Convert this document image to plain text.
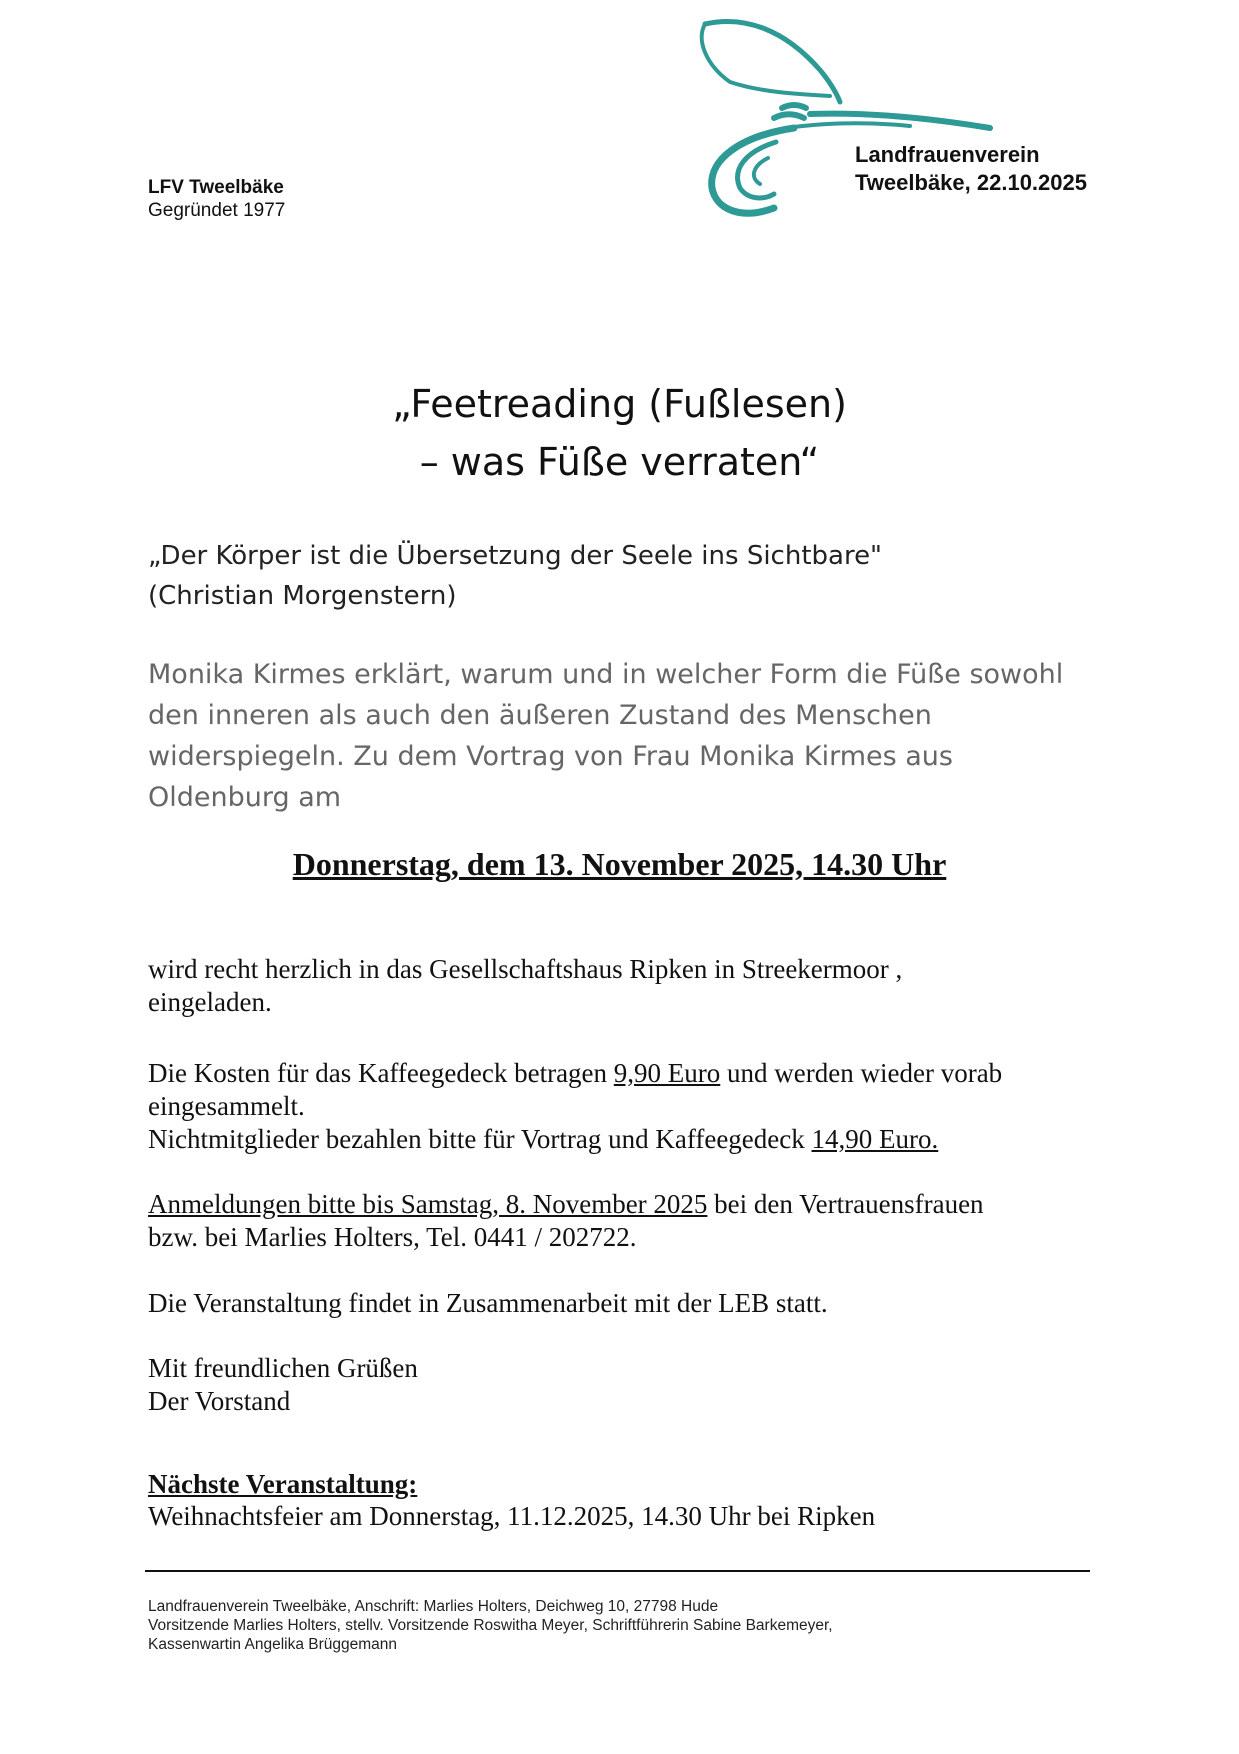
LFV Tweelbäke
Gegründet 1977
Landfrauenverein
Tweelbäke, 22.10.2025
„Feetreading (Fußlesen)
– was Füße verraten“
„Der Körper ist die Übersetzung der Seele ins Sichtbare"
(Christian Morgenstern)
Monika Kirmes erklärt, warum und in welcher Form die Füße sowohl
den inneren als auch den äußeren Zustand des Menschen
widerspiegeln. Zu dem Vortrag von Frau Monika Kirmes aus
Oldenburg am
Donnerstag, dem 13. November 2025, 14.30 Uhr
wird recht herzlich in das Gesellschaftshaus Ripken in Streekermoor ,
eingeladen.
Die Kosten für das Kaffeegedeck betragen 9,90 Euro und werden wieder vorab
eingesammelt.
Nichtmitglieder bezahlen bitte für Vortrag und Kaffeegedeck 14,90 Euro.
Anmeldungen bitte bis Samstag, 8. November 2025 bei den Vertrauensfrauen
bzw. bei Marlies Holters, Tel. 0441 / 202722.
Die Veranstaltung findet in Zusammenarbeit mit der LEB statt.
Mit freundlichen Grüßen
Der Vorstand
Nächste Veranstaltung:
Weihnachtsfeier am Donnerstag, 11.12.2025, 14.30 Uhr bei Ripken
Landfrauenverein Tweelbäke, Anschrift: Marlies Holters, Deichweg 10, 27798 Hude
Vorsitzende Marlies Holters, stellv. Vorsitzende Roswitha Meyer, Schriftführerin Sabine Barkemeyer,
Kassenwartin Angelika Brüggemann
